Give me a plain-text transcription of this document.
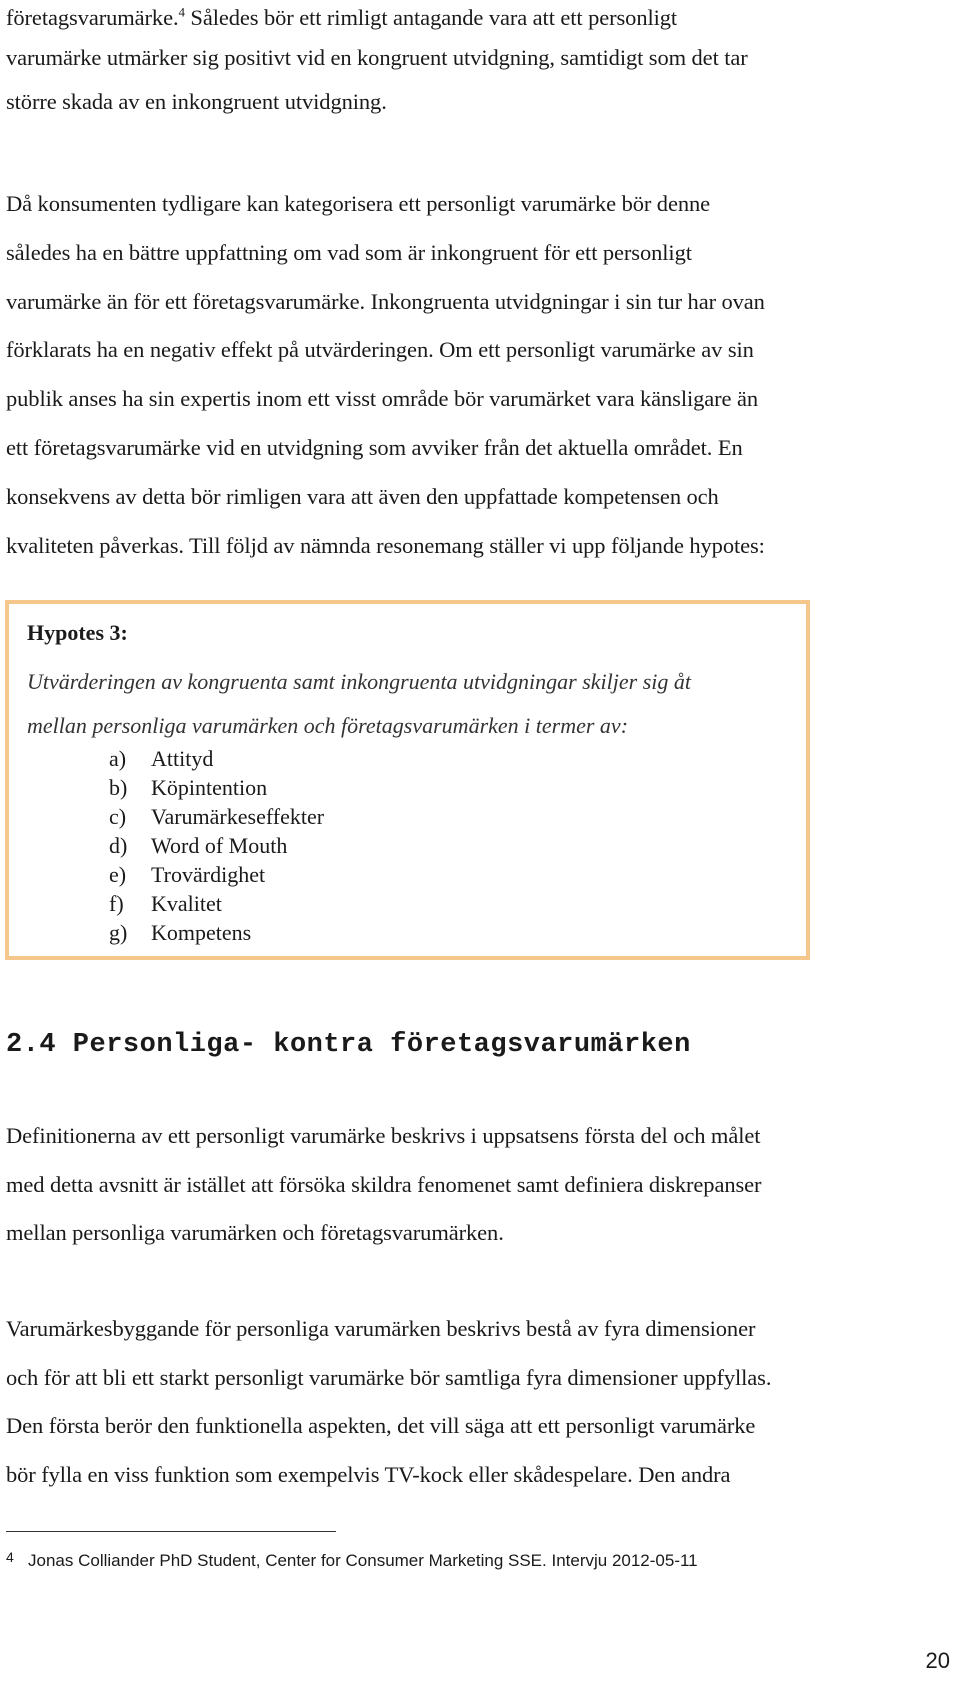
företagsvarumärke.$^4$ Således bör ett rimligt antagande vara att ett personligt
varumärke utmärker sig positivt vid en kongruent utvidgning, samtidigt som det tar
större skada av en inkongruent utvidgning.

Då konsumenten tydligare kan kategorisera ett personligt varumärke bör denne
således ha en bättre uppfattning om vad som är inkongruent för ett personligt
varumärke än för ett företagsvarumärke. Inkongruenta utvidgningar i sin tur har ovan
förklarats ha en negativ effekt på utvärderingen. Om ett personligt varumärke av sin
publik anses ha sin expertis inom ett visst område bör varumärket vara känsligare än
ett företagsvarumärke vid en utvidgning som avviker från det aktuella området. En
konsekvens av detta bör rimligen vara att även den uppfattade kompetensen och
kvaliteten påverkas. Till följd av nämnda resonemang ställer vi upp följande hypotes:

Hypotes 3:

Utvärderingen av kongruenta samt inkongruenta utvidgningar skiljer sig åt
mellan personliga varumärken och företagsvarumärken i termer av:

a) Attityd
b) Köpintention
c) Varumärkeseffekter
d) Word of Mouth
e) Trovärdighet
f) Kvalitet
g) Kompetens
2.4 Personliga- kontra företagsvarumärken

Definitionerna av ett personligt varumärke beskrivs i uppsatsens första del och målet
med detta avsnitt är istället att försöka skildra fenomenet samt definiera diskrepanser
mellan personliga varumärken och företagsvarumärken.

Varumärkesbyggande för personliga varumärken beskrivs bestå av fyra dimensioner
och för att bli ett starkt personligt varumärke bör samtliga fyra dimensioner uppfyllas.
Den första berör den funktionella aspekten, det vill säga att ett personligt varumärke
bör fylla en viss funktion som exempelvis TV-kock eller skådespelare. Den andra

4 Jonas Colliander PhD Student, Center for Consumer Marketing SSE. Intervju 2012-05-11

20
